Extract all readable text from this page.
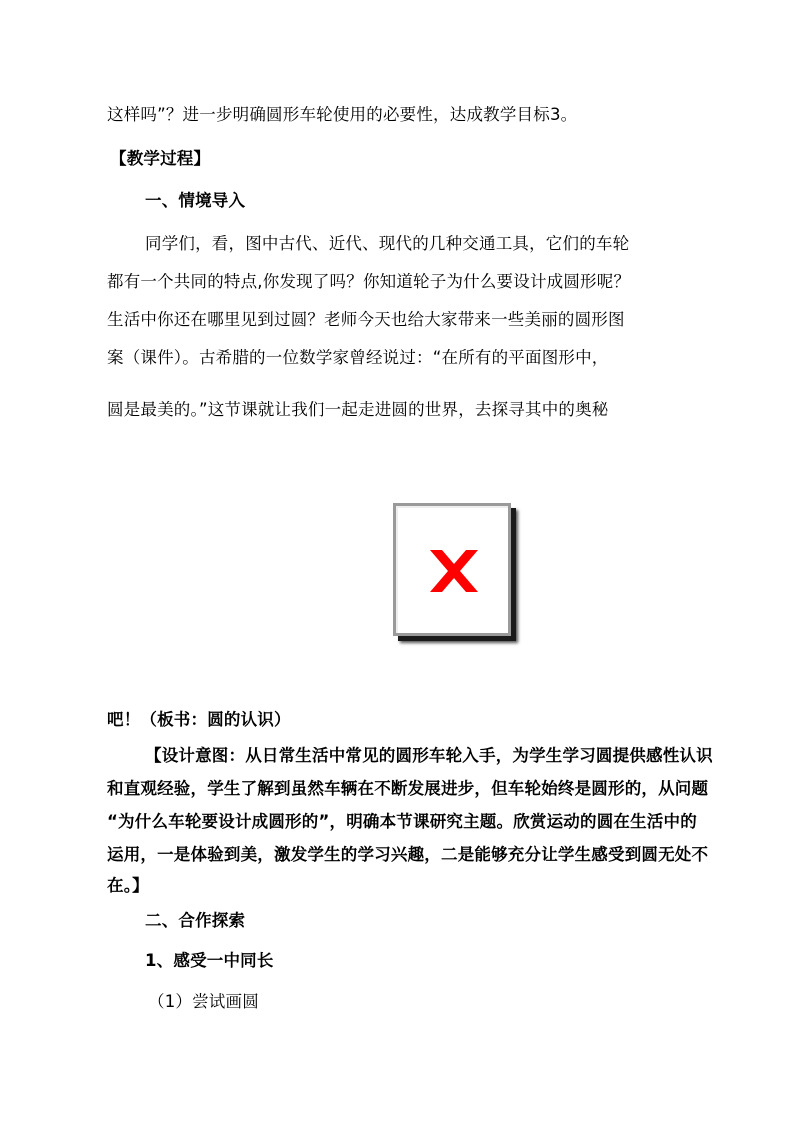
这样吗”？进一步明确圆形车轮使用的必要性，达成教学目标3。
【教学过程】
一、情境导入
同学们，看，图中古代、近代、现代的几种交通工具，它们的车轮
都有一个共同的特点,你发现了吗？你知道轮子为什么要设计成圆形呢？
生活中你还在哪里见到过圆？老师今天也给大家带来一些美丽的圆形图
案（课件）。古希腊的一位数学家曾经说过：“在所有的平面图形中，
圆是最美的。”这节课就让我们一起走进圆的世界，去探寻其中的奥秘
吧！（板书：圆的认识）
【设计意图：从日常生活中常见的圆形车轮入手，为学生学习圆提供感性认识
和直观经验，学生了解到虽然车辆在不断发展进步，但车轮始终是圆形的，从问题
“为什么车轮要设计成圆形的”，明确本节课研究主题。欣赏运动的圆在生活中的
运用，一是体验到美，激发学生的学习兴趣，二是能够充分让学生感受到圆无处不
在。】
二、合作探索
1、感受一中同长
（1）尝试画圆
